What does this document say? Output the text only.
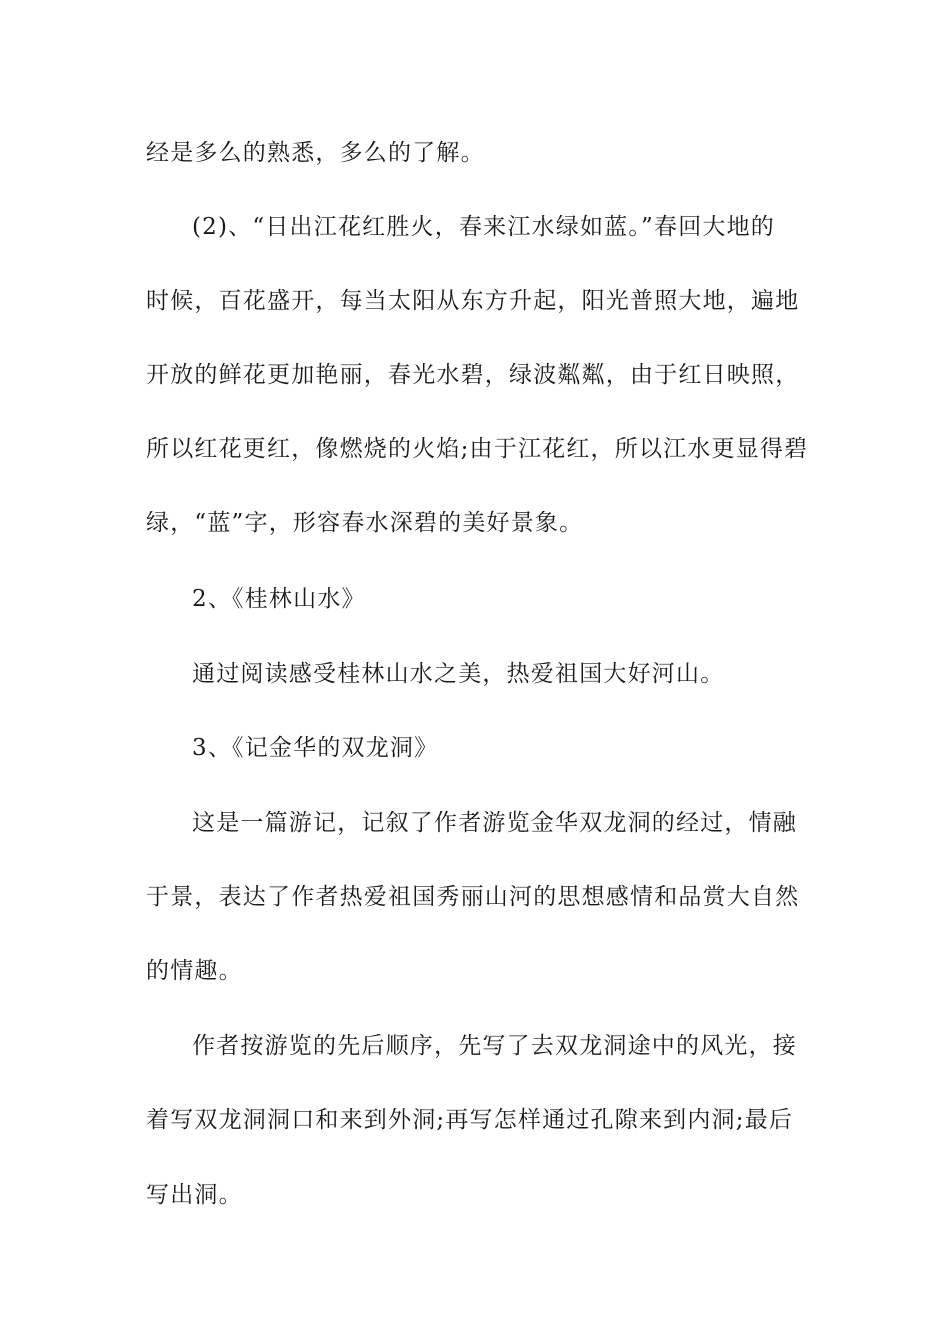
经是多么的熟悉，多么的了解。
(2)、“日出江花红胜火，春来江水绿如蓝。”春回大地的
时候，百花盛开，每当太阳从东方升起，阳光普照大地，遍地
开放的鲜花更加艳丽，春光水碧，绿波粼粼，由于红日映照，
所以红花更红，像燃烧的火焰;由于江花红，所以江水更显得碧
绿，“蓝”字，形容春水深碧的美好景象。
2、《桂林山水》
通过阅读感受桂林山水之美，热爱祖国大好河山。
3、《记金华的双龙洞》
这是一篇游记，记叙了作者游览金华双龙洞的经过，情融
于景，表达了作者热爱祖国秀丽山河的思想感情和品赏大自然
的情趣。
作者按游览的先后顺序，先写了去双龙洞途中的风光，接
着写双龙洞洞口和来到外洞;再写怎样通过孔隙来到内洞;最后
写出洞。
